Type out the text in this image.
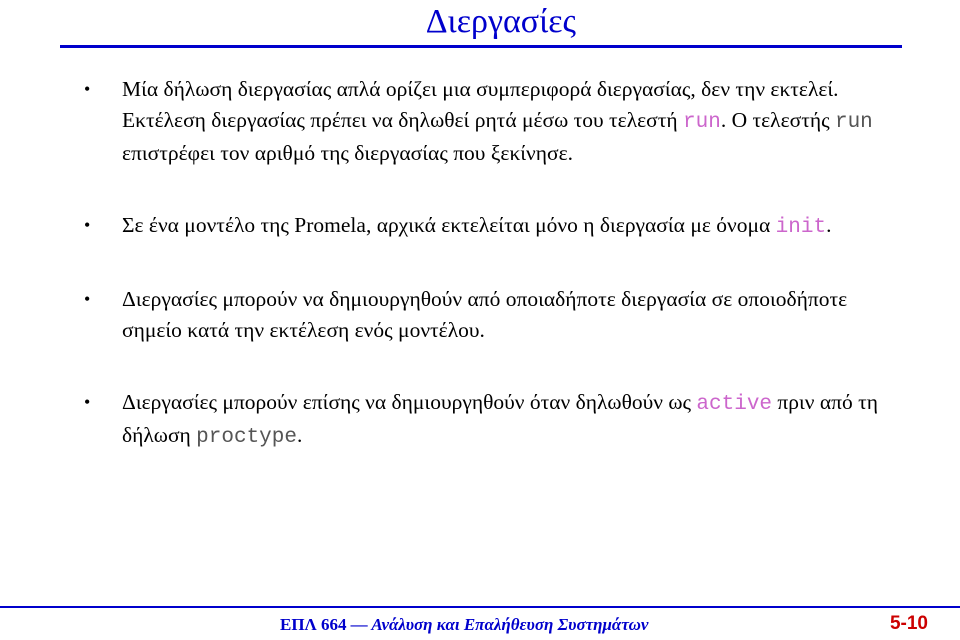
Διεργασίες
• Μία δήλωση διεργασίας απλά ορίζει μια συμπεριφορά διεργασίας, δεν την εκτελεί. Εκτέλεση διεργασίας πρέπει να δηλωθεί ρητά μέσω του τελεστή run. Ο τελεστής run επιστρέφει τον αριθμό της διεργασίας που ξεκίνησε.
• Σε ένα μοντέλο της Promela, αρχικά εκτελείται μόνο η διεργασία με όνομα init.
• Διεργασίες μπορούν να δημιουργηθούν από οποιαδήποτε διεργασία σε οποιοδήποτε σημείο κατά την εκτέλεση ενός μοντέλου.
• Διεργασίες μπορούν επίσης να δημιουργηθούν όταν δηλωθούν ως active πριν από τη δήλωση proctype.
ΕΠΛ 664 — Ανάλυση και Επαλήθευση Συστημάτων	5-10
